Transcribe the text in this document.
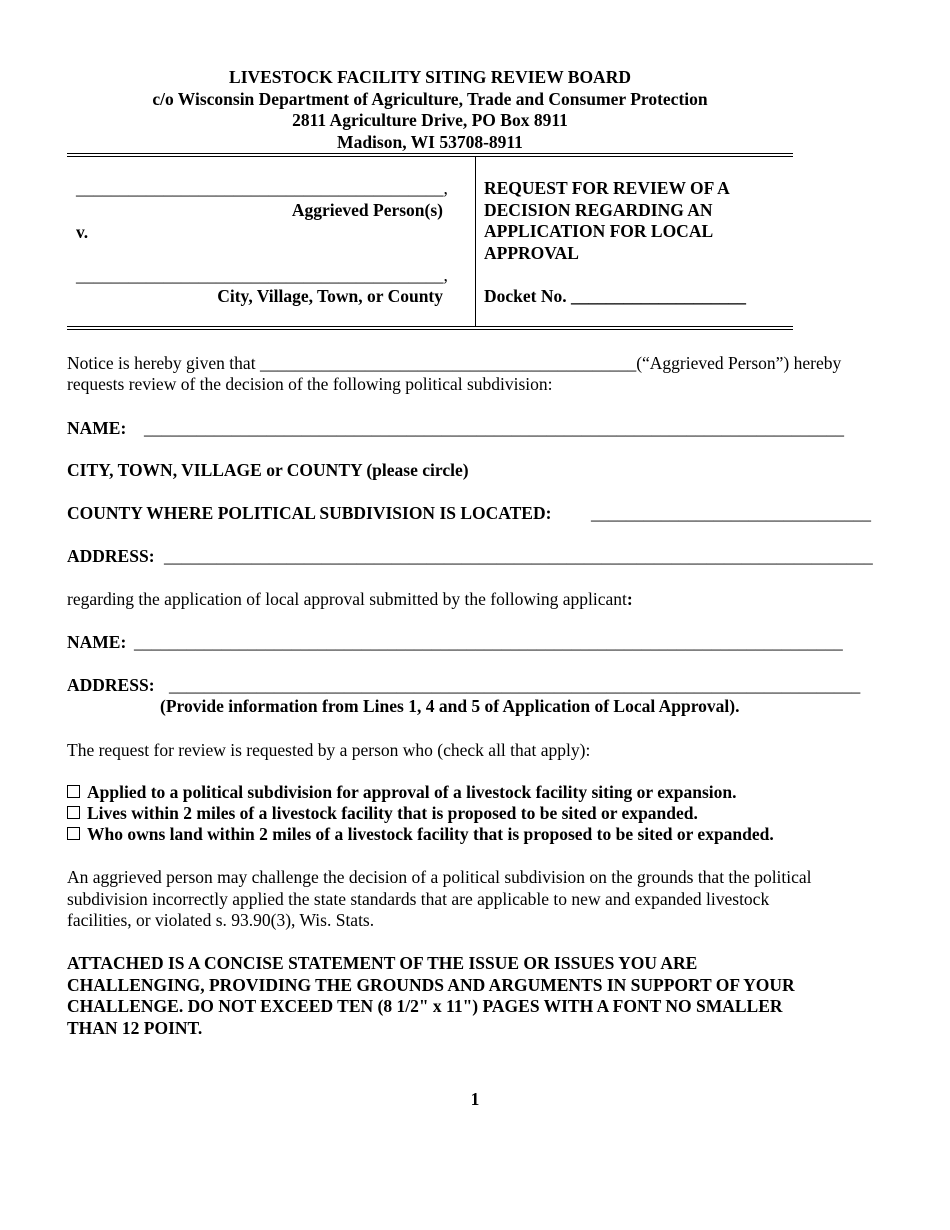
LIVESTOCK FACILITY SITING REVIEW BOARD
c/o Wisconsin Department of Agriculture, Trade and Consumer Protection
2811 Agriculture Drive, PO Box 8911
Madison, WI 53708-8911
__________________________________________,
Aggrieved Person(s)
v.
__________________________________________,
City, Village, Town, or County
REQUEST FOR REVIEW OF A
DECISION REGARDING AN
APPLICATION FOR LOCAL
APPROVAL
Docket No. ____________________
Notice is hereby given that ___________________________________________(“Aggrieved Person”) hereby
requests review of the decision of the following political subdivision:
NAME: ________________________________________________________________________________
CITY, TOWN, VILLAGE or COUNTY (please circle)
COUNTY WHERE POLITICAL SUBDIVISION IS LOCATED: ________________________________
ADDRESS: _________________________________________________________________________________
regarding the application of local approval submitted by the following applicant:
NAME: _________________________________________________________________________________
ADDRESS: _______________________________________________________________________________
(Provide information from Lines 1, 4 and 5 of Application of Local Approval).
The request for review is requested by a person who (check all that apply):
Applied to a political subdivision for approval of a livestock facility siting or expansion.
Lives within 2 miles of a livestock facility that is proposed to be sited or expanded.
Who owns land within 2 miles of a livestock facility that is proposed to be sited or expanded.
An aggrieved person may challenge the decision of a political subdivision on the grounds that the political
subdivision incorrectly applied the state standards that are applicable to new and expanded livestock
facilities, or violated s. 93.90(3), Wis. Stats.
ATTACHED IS A CONCISE STATEMENT OF THE ISSUE OR ISSUES YOU ARE
CHALLENGING, PROVIDING THE GROUNDS AND ARGUMENTS IN SUPPORT OF YOUR
CHALLENGE. DO NOT EXCEED TEN (8 1/2" x 11") PAGES WITH A FONT NO SMALLER
THAN 12 POINT.
1
